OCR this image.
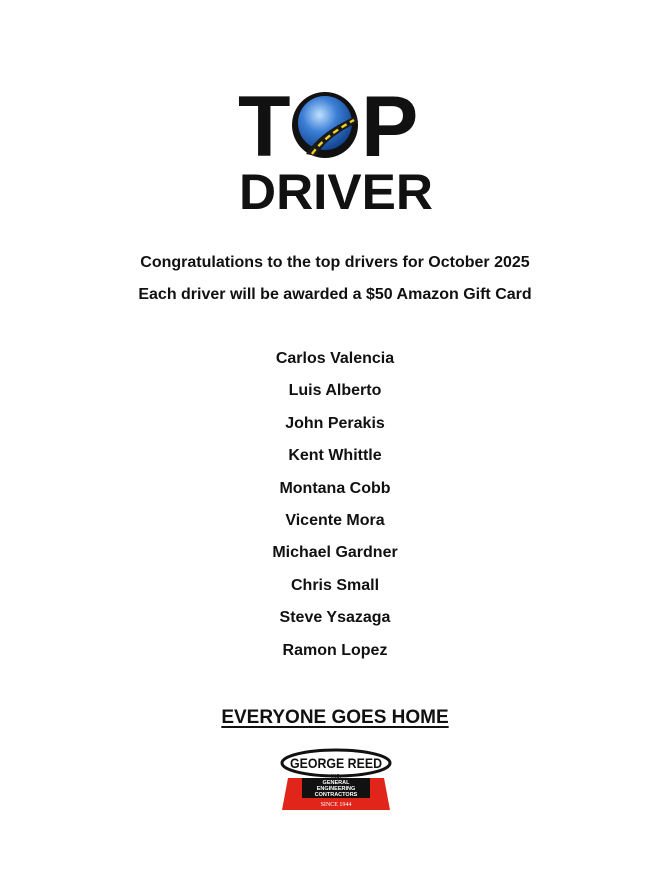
T P
DRIVER
Congratulations to the top drivers for October 2025
Each driver will be awarded a $50 Amazon Gift Card
Carlos Valencia
Luis Alberto
John Perakis
Kent Whittle
Montana Cobb
Vicente Mora
Michael Gardner
Chris Small
Steve Ysazaga
Ramon Lopez
EVERYONE GOES HOME
GEORGE REED
INC.
GENERAL
ENGINEERING
CONTRACTORS
SINCE 1944
